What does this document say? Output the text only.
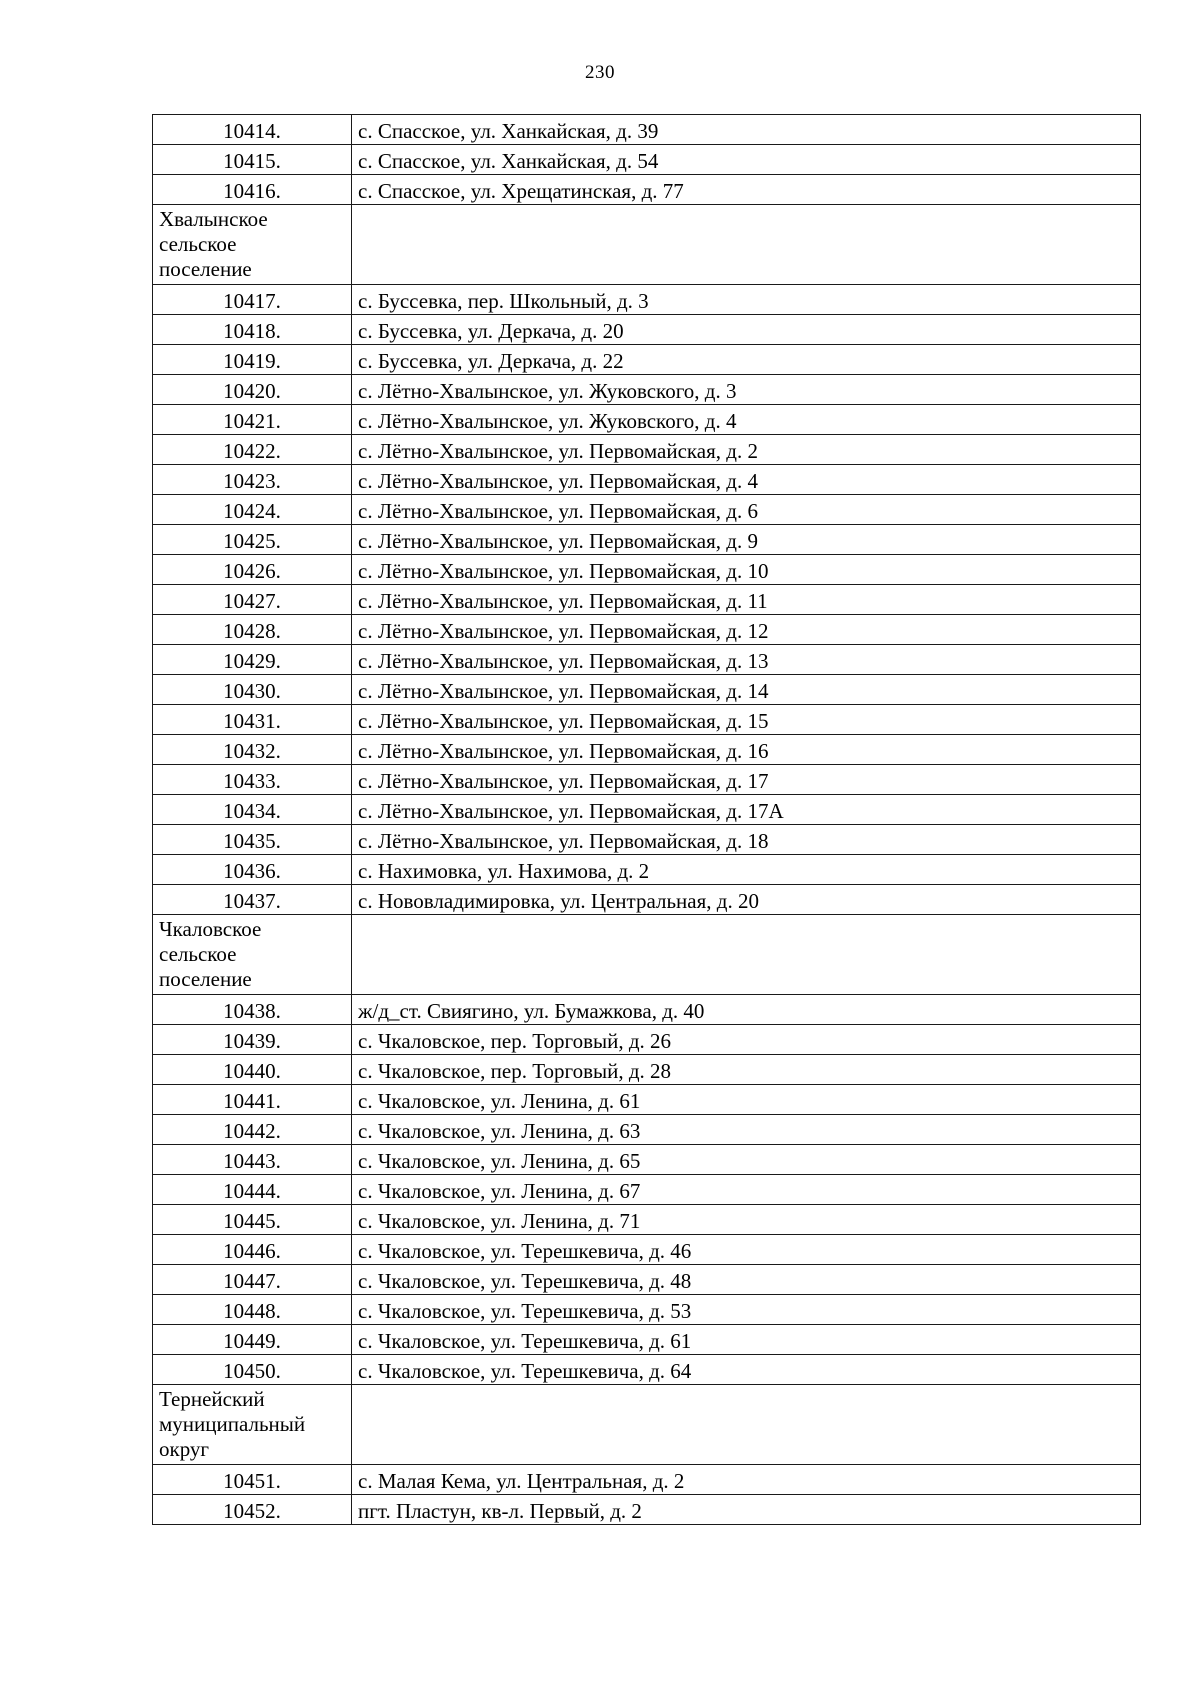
230
10414.	с. Спасское, ул. Ханкайская, д. 39
10415.	с. Спасское, ул. Ханкайская, д. 54
10416.	с. Спасское, ул. Хрещатинская, д. 77
Хвалынское
сельское
поселение	
10417.	с. Буссевка, пер. Школьный, д. 3
10418.	с. Буссевка, ул. Деркача, д. 20
10419.	с. Буссевка, ул. Деркача, д. 22
10420.	с. Лётно-Хвалынское, ул. Жуковского, д. 3
10421.	с. Лётно-Хвалынское, ул. Жуковского, д. 4
10422.	с. Лётно-Хвалынское, ул. Первомайская, д. 2
10423.	с. Лётно-Хвалынское, ул. Первомайская, д. 4
10424.	с. Лётно-Хвалынское, ул. Первомайская, д. 6
10425.	с. Лётно-Хвалынское, ул. Первомайская, д. 9
10426.	с. Лётно-Хвалынское, ул. Первомайская, д. 10
10427.	с. Лётно-Хвалынское, ул. Первомайская, д. 11
10428.	с. Лётно-Хвалынское, ул. Первомайская, д. 12
10429.	с. Лётно-Хвалынское, ул. Первомайская, д. 13
10430.	с. Лётно-Хвалынское, ул. Первомайская, д. 14
10431.	с. Лётно-Хвалынское, ул. Первомайская, д. 15
10432.	с. Лётно-Хвалынское, ул. Первомайская, д. 16
10433.	с. Лётно-Хвалынское, ул. Первомайская, д. 17
10434.	с. Лётно-Хвалынское, ул. Первомайская, д. 17А
10435.	с. Лётно-Хвалынское, ул. Первомайская, д. 18
10436.	с. Нахимовка, ул. Нахимова, д. 2
10437.	с. Нововладимировка, ул. Центральная, д. 20
Чкаловское
сельское
поселение	
10438.	ж/д_ст. Свиягино, ул. Бумажкова, д. 40
10439.	с. Чкаловское, пер. Торговый, д. 26
10440.	с. Чкаловское, пер. Торговый, д. 28
10441.	с. Чкаловское, ул. Ленина, д. 61
10442.	с. Чкаловское, ул. Ленина, д. 63
10443.	с. Чкаловское, ул. Ленина, д. 65
10444.	с. Чкаловское, ул. Ленина, д. 67
10445.	с. Чкаловское, ул. Ленина, д. 71
10446.	с. Чкаловское, ул. Терешкевича, д. 46
10447.	с. Чкаловское, ул. Терешкевича, д. 48
10448.	с. Чкаловское, ул. Терешкевича, д. 53
10449.	с. Чкаловское, ул. Терешкевича, д. 61
10450.	с. Чкаловское, ул. Терешкевича, д. 64
Тернейский
муниципальный
округ	
10451.	с. Малая Кема, ул. Центральная, д. 2
10452.	пгт. Пластун, кв-л. Первый, д. 2
